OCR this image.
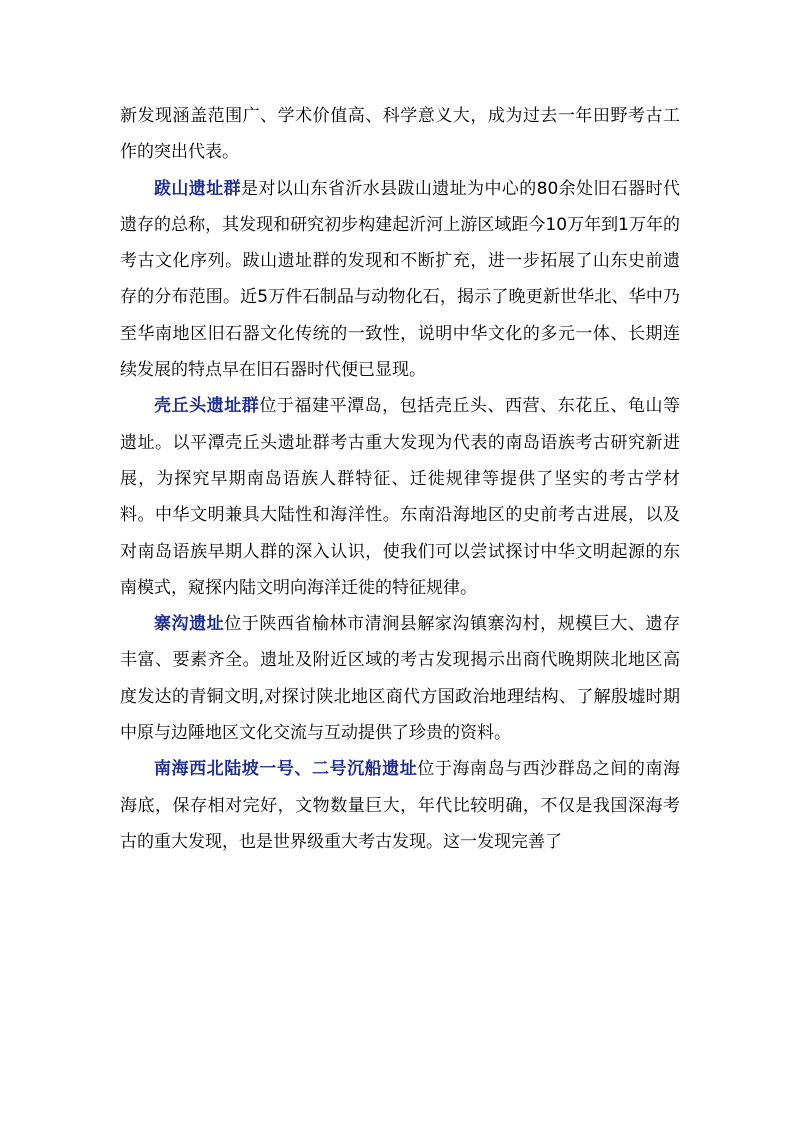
新发现涵盖范围广、学术价值高、科学意义大，成为过去一年田野考古工作的突出代表。

跋山遗址群是对以山东省沂水县跋山遗址为中心的80余处旧石器时代遗存的总称，其发现和研究初步构建起沂河上游区域距今10万年到1万年的考古文化序列。跋山遗址群的发现和不断扩充，进一步拓展了山东史前遗存的分布范围。近5万件石制品与动物化石，揭示了晚更新世华北、华中乃至华南地区旧石器文化传统的一致性，说明中华文化的多元一体、长期连续发展的特点早在旧石器时代便已显现。

壳丘头遗址群位于福建平潭岛，包括壳丘头、西营、东花丘、龟山等遗址。以平潭壳丘头遗址群考古重大发现为代表的南岛语族考古研究新进展，为探究早期南岛语族人群特征、迁徙规律等提供了坚实的考古学材料。中华文明兼具大陆性和海洋性。东南沿海地区的史前考古进展，以及对南岛语族早期人群的深入认识，使我们可以尝试探讨中华文明起源的东南模式，窥探内陆文明向海洋迁徙的特征规律。

寨沟遗址位于陕西省榆林市清涧县解家沟镇寨沟村，规模巨大、遗存丰富、要素齐全。遗址及附近区域的考古发现揭示出商代晚期陕北地区高度发达的青铜文明,对探讨陕北地区商代方国政治地理结构、了解殷墟时期中原与边陲地区文化交流与互动提供了珍贵的资料。

南海西北陆坡一号、二号沉船遗址位于海南岛与西沙群岛之间的南海海底，保存相对完好，文物数量巨大，年代比较明确，不仅是我国深海考古的重大发现，也是世界级重大考古发现。这一发现完善了
